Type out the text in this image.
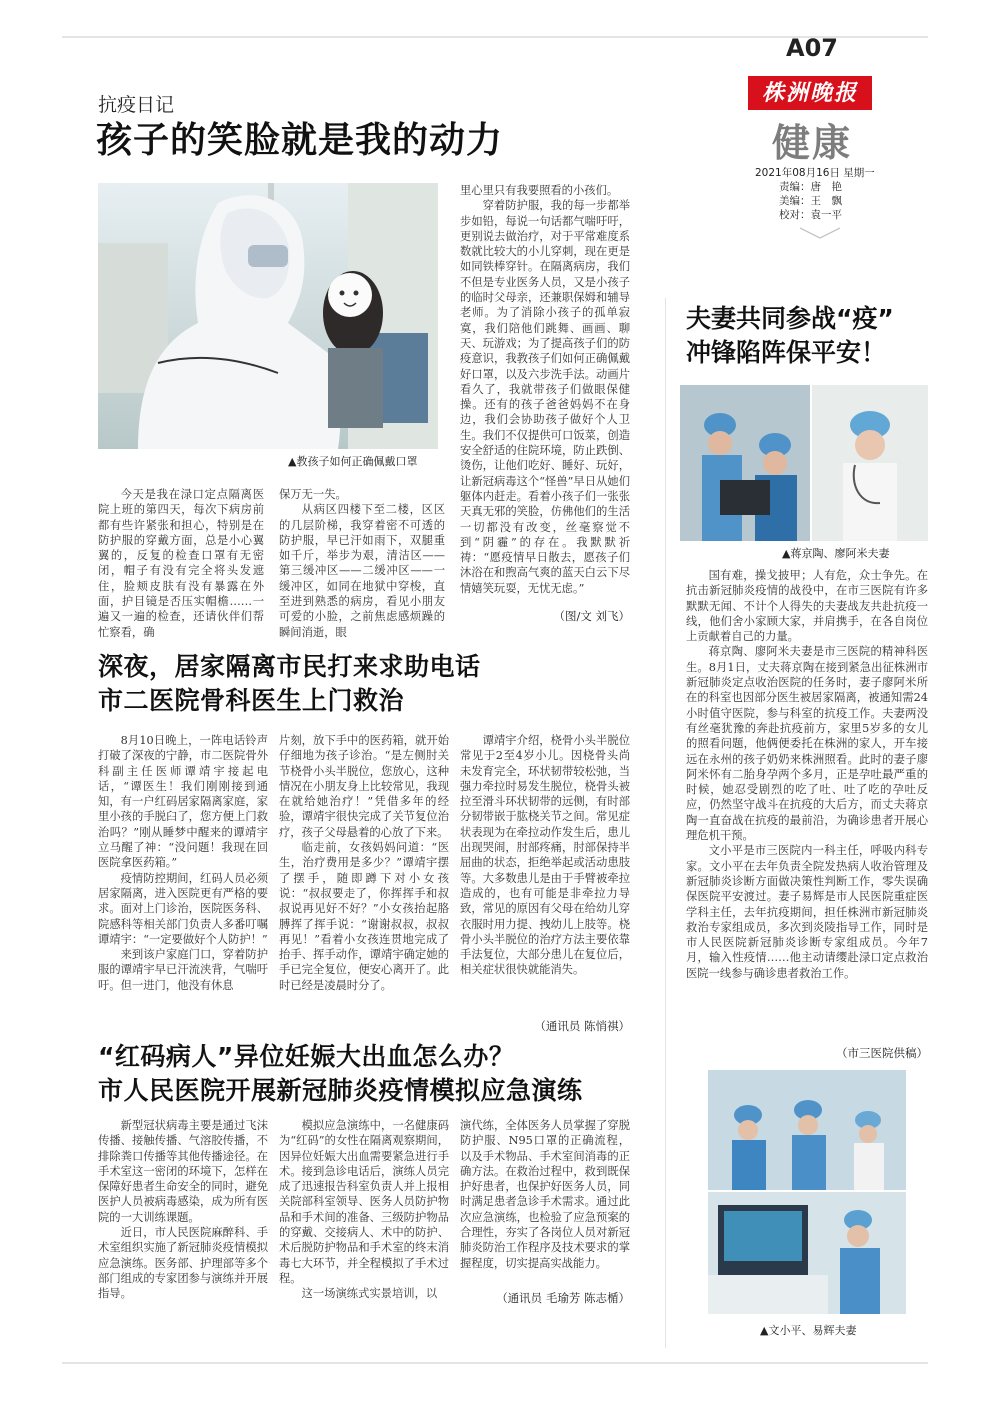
A07
株洲晚报
健康
2021年08月16日 星期一
责编：唐　艳
美编：王　飘
校对：袁一平
抗疫日记
孩子的笑脸就是我的动力
▲教孩子如何正确佩戴口罩

今天是我在渌口定点隔离医院上班的第四天，每次下病房前都有些许紧张和担心，特别是在防护服的穿戴方面，总是小心翼翼的，反复的检查口罩有无密闭，帽子有没有完全将头发遮住，脸颊皮肤有没有暴露在外面，护目镜是否压实帽檐……一遍又一遍的检查，还请伙伴们帮忙察看，确

保万无一失。

从病区四楼下至二楼，区区的几层阶梯，我穿着密不可透的防护服，早已汗如雨下，双腿重如千斤，举步为艰，清洁区——第三缓冲区——二缓冲区——一缓冲区，如同在地狱中穿梭，直至进到熟悉的病房，看见小朋友可爱的小脸，之前焦虑感烦躁的瞬间消逝，眼

里心里只有我要照看的小孩们。

穿着防护服，我的每一步都举步如铅，每说一句话都气喘吁吁，更别说去做治疗，对于平常难度系数就比较大的小儿穿刺，现在更是如同铁棒穿针。在隔离病房，我们不但是专业医务人员，又是小孩子的临时父母亲，还兼职保姆和辅导老师。为了消除小孩子的孤单寂寞，我们陪他们跳舞、画画、聊天、玩游戏；为了提高孩子们的防疫意识，我教孩子们如何正确佩戴好口罩，以及六步洗手法。动画片看久了，我就带孩子们做眼保健操。还有的孩子爸爸妈妈不在身边，我们会协助孩子做好个人卫生。我们不仅提供可口饭菜，创造安全舒适的住院环境，防止跌倒、烫伤，让他们吃好、睡好、玩好，让新冠病毒这个“怪兽”早日从她们躯体内赶走。看着小孩子们一张张天真无邪的笑脸，仿佛他们的生活一切都没有改变，丝毫察觉不到“阴霾”的存在。我默默祈祷：“愿疫情早日散去，愿孩子们沐浴在和煦高气爽的蓝天白云下尽情嬉笑玩耍，无忧无虑。”

（图/文 刘飞）
深夜，居家隔离市民打来求助电话
市二医院骨科医生上门救治

8月10日晚上，一阵电话铃声打破了深夜的宁静，市二医院骨外科副主任医师谭靖宇接起电话，“谭医生！我们刚刚接到通知，有一户红码居家隔离家庭，家里小孩的手脱臼了，您方便上门救治吗？”刚从睡梦中醒来的谭靖宇立马醒了神：“没问题！我现在回医院拿医药箱。”

疫情防控期间，红码人员必须居家隔离，进入医院更有严格的要求。面对上门诊治，医院医务科、院感科等相关部门负责人多番叮嘱谭靖宇：“一定要做好个人防护！”

来到该户家庭门口，穿着防护服的谭靖宇早已汗流浃背，气喘吁吁。但一进门，他没有休息

片刻，放下手中的医药箱，就开始仔细地为孩子诊治。“是左侧肘关节桡骨小头半脱位，您放心，这种情况在小朋友身上比较常见，我现在就给她治疗！”凭借多年的经验，谭靖宇很快完成了关节复位治疗，孩子父母悬着的心放了下来。

临走前，女孩妈妈问道：“医生，治疗费用是多少？”谭靖宇摆了摆手，随即蹲下对小女孩说：“叔叔要走了，你挥挥手和叔叔说再见好不好？”小女孩抬起胳膊挥了挥手说：“谢谢叔叔，叔叔再见！”看着小女孩连贯地完成了抬手、挥手动作，谭靖宇确定她的手已完全复位，便安心离开了。此时已经是凌晨时分了。

谭靖宇介绍，桡骨小头半脱位常见于2至4岁小儿。因桡骨头尚未发育完全，环状韧带较松弛，当强力牵拉时易发生脱位，桡骨头被拉至滑斗环状韧带的远侧，有时部分韧带嵌于肱桡关节之间。常见症状表现为在牵拉动作发生后，患儿出现哭闹，肘部疼痛，肘部保持半屈曲的状态，拒绝举起或活动患肢等。大多数患儿是由于手臂被牵拉造成的，也有可能是非牵拉力导致，常见的原因有父母在给幼儿穿衣服时用力提、拽幼儿上肢等。桡骨小头半脱位的治疗方法主要依靠手法复位，大部分患儿在复位后，相关症状很快就能消失。

（通讯员 陈悄祺）
“红码病人”异位妊娠大出血怎么办？
市人民医院开展新冠肺炎疫情模拟应急演练

新型冠状病毒主要是通过飞沫传播、接触传播、气溶胶传播，不排除粪口传播等其他传播途径。在手术室这一密闭的环境下，怎样在保障好患者生命安全的同时，避免医护人员被病毒感染，成为所有医院的一大训练课题。

近日，市人民医院麻醉科、手术室组织实施了新冠肺炎疫情模拟应急演练。医务部、护理部等多个部门组成的专家团参与演练并开展指导。

模拟应急演练中，一名健康码为“红码”的女性在隔离观察期间，因异位妊娠大出血需要紧急进行手术。接到急诊电话后，演练人员完成了迅速报告科室负责人并上报相关院部科室领导、医务人员防护物品和手术间的准备、三级防护物品的穿戴、交接病人、术中的防护、术后脱防护物品和手术室的终末消毒七大环节，并全程模拟了手术过程。

这一场演练式实景培训，以

演代练，全体医务人员掌握了穿脱防护服、N95口罩的正确流程，以及手术物品、手术室间消毒的正确方法。在救治过程中，救到既保护好患者，也保护好医务人员，同时满足患者急诊手术需求。通过此次应急演练，也检验了应急预案的合理性，夯实了各岗位人员对新冠肺炎防治工作程序及技术要求的掌握程度，切实提高实战能力。

（通讯员 毛瑜芳 陈志楯）
夫妻共同参战“疫”
冲锋陷阵保平安！
▲蒋京陶、廖阿米夫妻

国有难，操戈披甲；人有危，众士争先。在抗击新冠肺炎疫情的战役中，在市三医院有许多默默无闻、不计个人得失的夫妻战友共赴抗疫一线，他们舍小家顾大家，并肩携手，在各自岗位上贡献着自己的力量。

蒋京陶、廖阿米夫妻是市三医院的精神科医生。8月1日，丈夫蒋京陶在接到紧急出征株洲市新冠肺炎定点收治医院的任务时，妻子廖阿米所在的科室也因部分医生被居家隔离，被通知需24小时值守医院，参与科室的抗疫工作。夫妻两没有丝毫犹豫的奔赴抗疫前方，家里5岁多的女儿的照看问题，他俩便委托在株洲的家人，开车接远在永州的孩子奶奶来株洲照看。此时的妻子廖阿米怀有二胎身孕两个多月，正是孕吐最严重的时候，她忍受剧烈的吃了吐、吐了吃的孕吐反应，仍然坚守战斗在抗疫的大后方，而丈夫蒋京陶一直奋战在抗疫的最前沿，为确诊患者开展心理危机干预。

文小平是市三医院内一科主任，呼吸内科专家。文小平在去年负责全院发热病人收治管理及新冠肺炎诊断方面做决策性判断工作，零失误确保医院平安渡过。妻子易辉是市人民医院重症医学科主任，去年抗疫期间，担任株洲市新冠肺炎救治专家组成员，多次到炎陵指导工作，同时是市人民医院新冠肺炎诊断专家组成员。今年7月，输入性疫情……他主动请缨赴渌口定点救治医院一线参与确诊患者救治工作。

（市三医院供稿）
▲文小平、易辉夫妻
